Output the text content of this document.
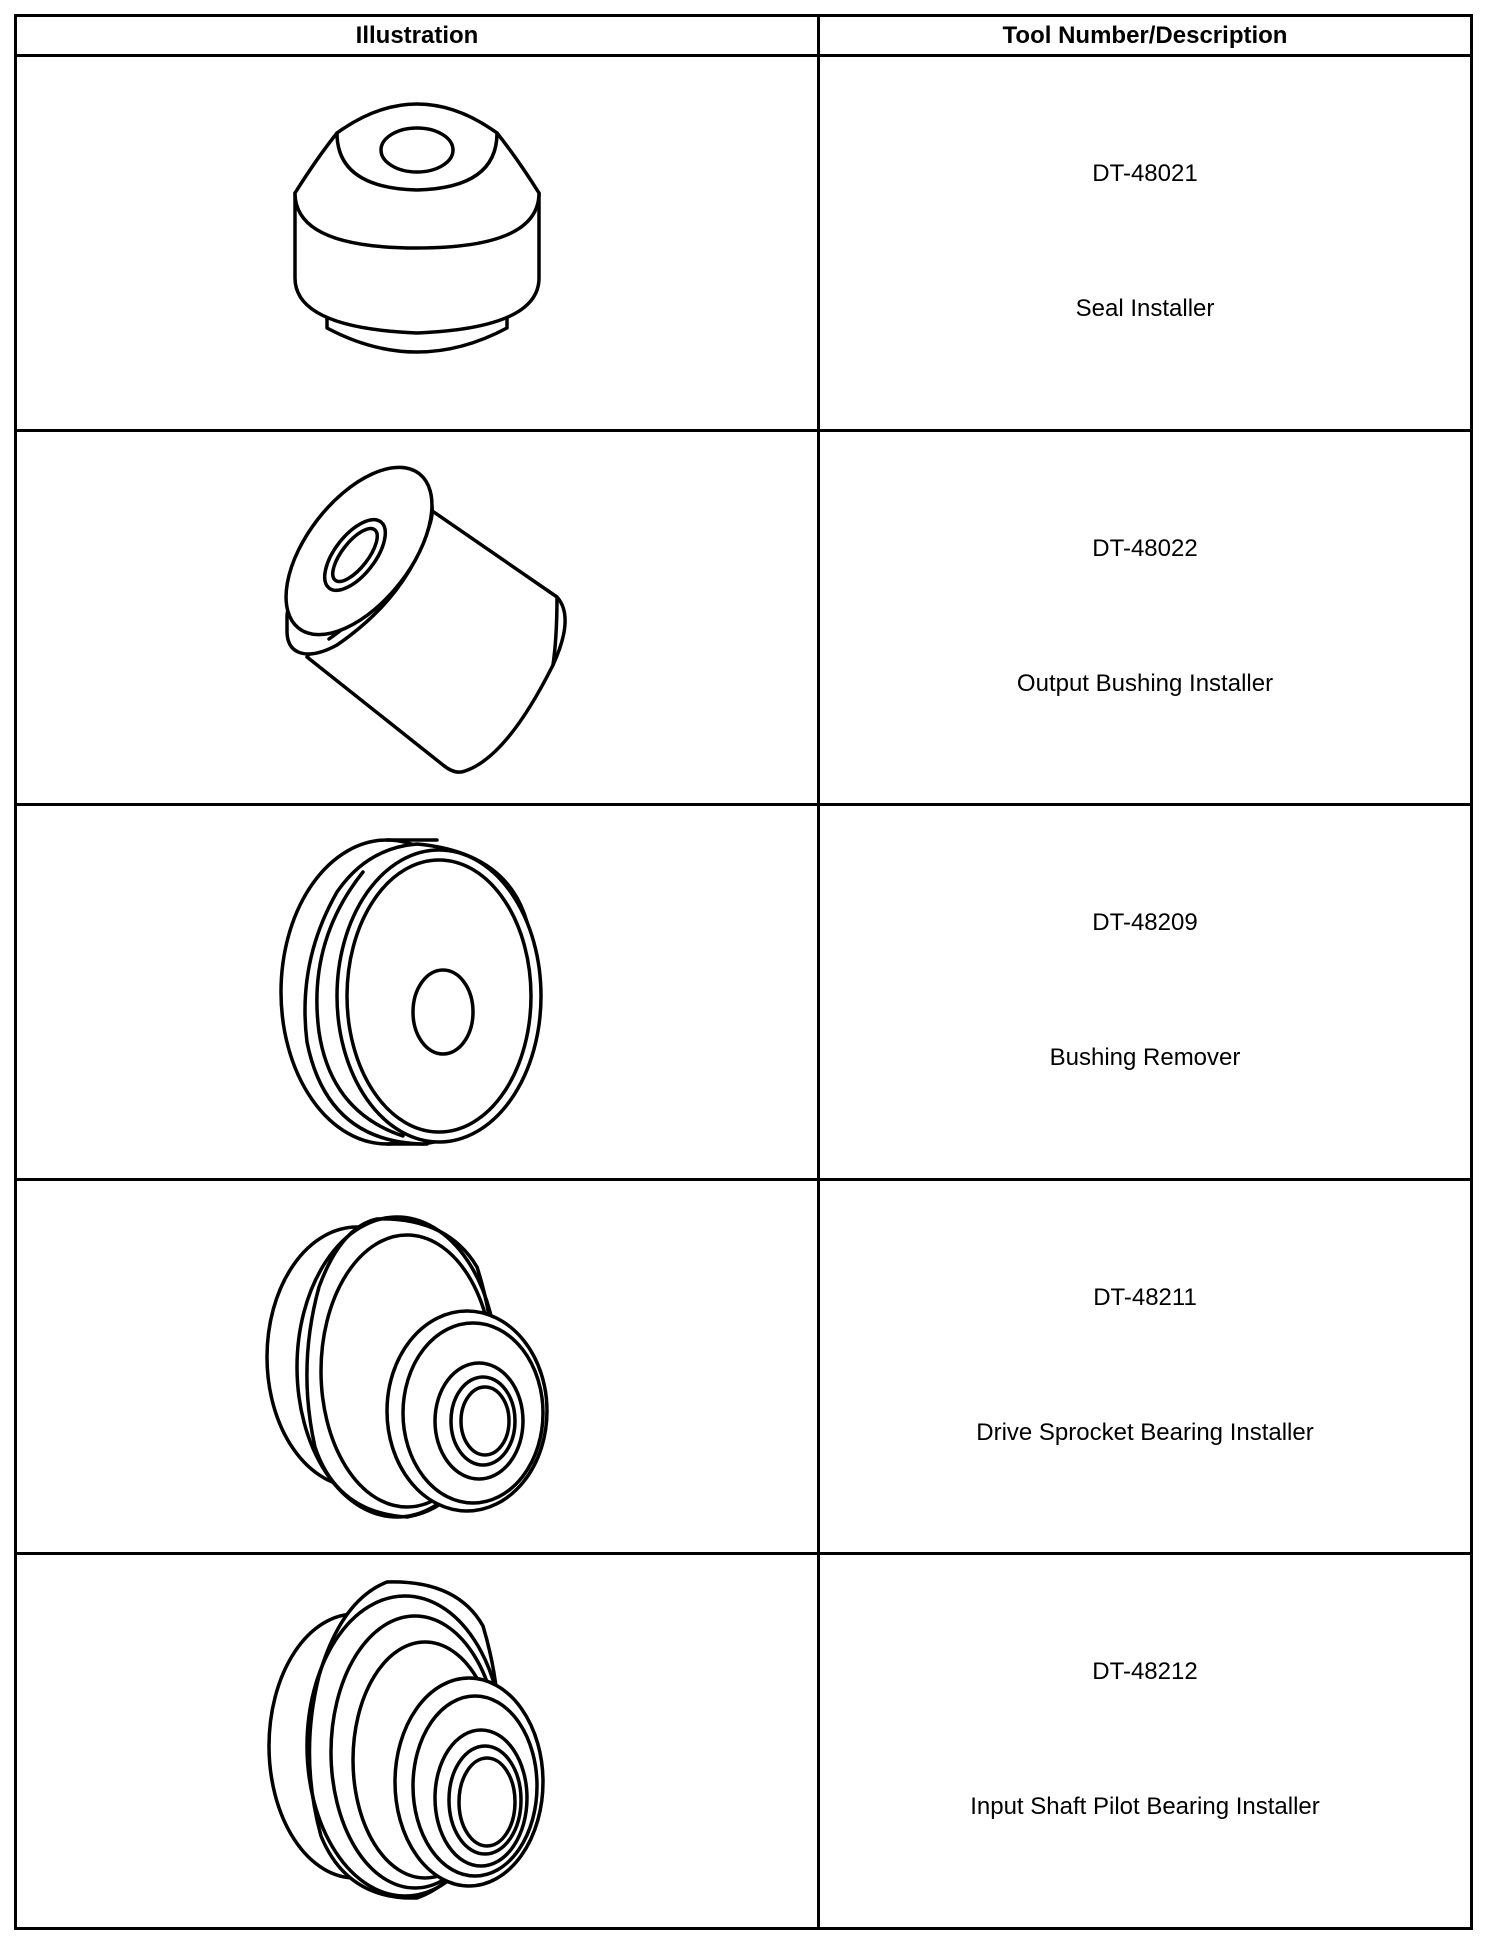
Illustration	Tool Number/Description

DT-48021
Seal Installer

DT-48022
Output Bushing Installer

DT-48209
Bushing Remover

DT-48211
Drive Sprocket Bearing Installer

DT-48212
Input Shaft Pilot Bearing Installer
